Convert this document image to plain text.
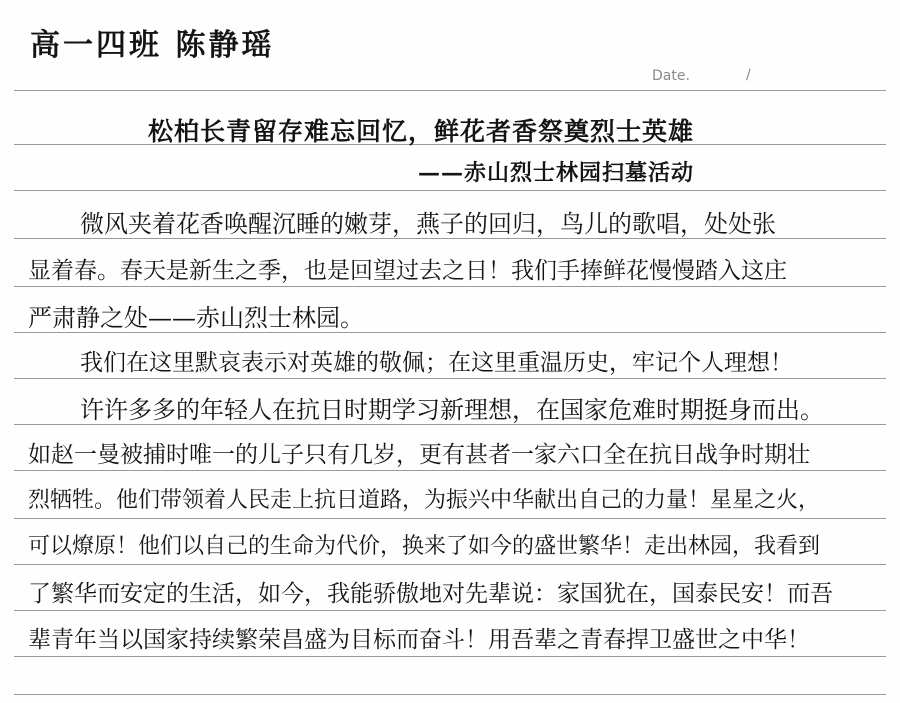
高一四班 陈静瑶
Date.	/
松柏长青留存难忘回忆，鲜花者香祭奠烈士英雄
——赤山烈士林园扫墓活动
微风夹着花香唤醒沉睡的嫩芽，燕子的回归，鸟儿的歌唱，处处张
显着春。春天是新生之季，也是回望过去之日！我们手捧鲜花慢慢踏入这庄
严肃静之处——赤山烈士林园。
我们在这里默哀表示对英雄的敬佩；在这里重温历史，牢记个人理想！
许许多多的年轻人在抗日时期学习新理想，在国家危难时期挺身而出。
如赵一曼被捕时唯一的儿子只有几岁，更有甚者一家六口全在抗日战争时期壮
烈牺牲。他们带领着人民走上抗日道路，为振兴中华献出自己的力量！星星之火，
可以燎原！他们以自己的生命为代价，换来了如今的盛世繁华！走出林园，我看到
了繁华而安定的生活，如今，我能骄傲地对先辈说：家国犹在，国泰民安！而吾
辈青年当以国家持续繁荣昌盛为目标而奋斗！用吾辈之青春捍卫盛世之中华！
